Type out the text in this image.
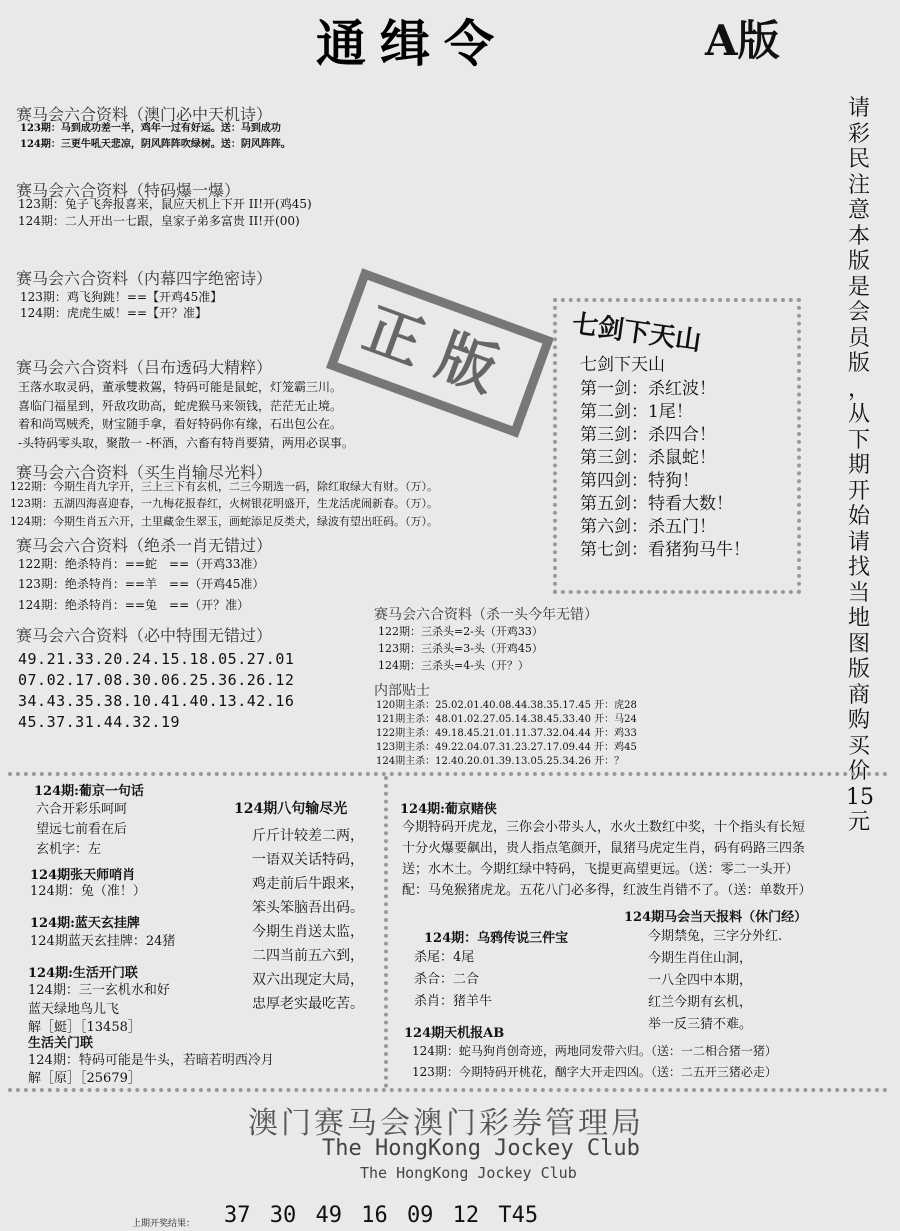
通缉令	A版
请
彩
民
注
意
本
版
是
会
员
版
，
从
下
期
开
始
请
找
当
地
图
版
商
购
买
价
15
元
正版
赛马会六合资料（澳门必中天机诗）
123期：马到成功差一半，鸡年一过有好运。送：马到成功
124期：三更牛吼天悲凉，阴风阵阵吹绿树。送：阴风阵阵。
赛马会六合资料（特码爆一爆）
123期：兔子飞奔报喜来，鼠应天机上下开 II!开(鸡45)
124期：二人开出一七跟，皇家子弟多富贵 II!开(00)
赛马会六合资料（内幕四字绝密诗）
123期：鸡飞狗跳！==【开鸡45准】
124期：虎虎生威！==【开？准】
赛马会六合资料（吕布透码大精粹）
王落水取灵码，董承雙救鴐，特码可能是鼠蛇，灯笼霸三川。
喜临门福星到，歼敌攻助高，蛇虎猴马来领钱，茫茫无止境。
着和尚骂贼秃，财宝随手拿，看好特码你有缘，石出包公在。
-头特码零头取，聚散一 -杯酒，六畜有特肖要猜，两用必误事。
赛马会六合资料（买生肖输尽光料）
122期：今期生肖九字开，三上三下有玄机，二三今期选一码，除红取绿大有财。（万）。
123期：五湖四海喜迎春，一九梅花报春红，火树银花明盛开，生龙活虎闹新春。（万）。
124期：今期生肖五六开，土里藏金生翠玉，画蛇添足反类犬，绿波有望出旺码。（万）。
赛马会六合资料（绝杀一肖无错过）
122期：绝杀特肖：==蛇　==（开鸡33准）
123期：绝杀特肖：==羊　==（开鸡45准）
124期：绝杀特肖：==兔　==（开？准）
赛马会六合资料（必中特围无错过）
49.21.33.20.24.15.18.05.27.01
07.02.17.08.30.06.25.36.26.12
34.43.35.38.10.41.40.13.42.16
45.37.31.44.32.19
七剑下天山
七剑下天山
第一剑：杀红波！
第二剑：1尾！
第三剑：杀四合！
第三剑：杀鼠蛇！
第四剑：特狗！
第五剑：特看大数！
第六剑：杀五门！
第七剑：看猪狗马牛！
赛马会六合资料（杀一头今年无错）
122期：三杀头=2-头（开鸡33）
123期：三杀头=3-头（开鸡45）
124期：三杀头=4-头（开？）
内部贴士
120期主杀：25.02.01.40.08.44.38.35.17.45 开：虎28
121期主杀：48.01.02.27.05.14.38.45.33.40 开：马24
122期主杀：49.18.45.21.01.11.37.32.04.44 开：鸡33
123期主杀：49.22.04.07.31.23.27.17.09.44 开：鸡45
124期主杀：12.40.20.01.39.13.05.25.34.26 开：？
124期:葡京一句话
六合开彩乐呵呵
望远七前看在后
玄机字：左
124期张天师哨肖
124期：兔（准！）
124期:蓝天玄挂牌
124期蓝天玄挂牌：24猪
124期:生活开门联
124期：三一玄机水和好
蓝天绿地鸟儿飞
解［蜓］［13458］
生活关门联
124期：特码可能是牛头，若暗若明西冷月
解［原］［25679］
124期八句输尽光
斤斤计较差二两，
一语双关话特码，
鸡走前后牛跟来，
笨头笨脑吾出码。
今期生肖送太监，
二四当前五六到，
双六出现定大局，
忠厚老实最吃苦。
124期:葡京赌侠
今期特码开虎龙，三你会小带头人，水火土数红中奖，十个指头有长短
十分火爆要飙出，贵人指点笔颜开，鼠猪马虎定生肖，码有码路三四条
送；水木土。今期红绿中特码，飞提更高望更远。（送：零二一头开）
配：马兔猴猪虎龙。五花八门必多得，红波生肖错不了。（送：单数开）
124期：乌鸦传说三件宝
杀尾：4尾
杀合：二合
杀肖：猪羊牛
124期马会当天报料（休门经）
今期禁兔，三字分外红.
今期生肖住山洞，
一八全四中本期，
红兰今期有玄机，
举一反三猜不难。
124期天机报AB
124期：蛇马狗肖创奇迹，两地同发带六归。（送：一二相合猪一猪）
123期：今期特码开桃花，酗字大开走四凶。（送：二五开三猪必走）
澳门赛马会澳门彩券管理局
The HongKong Jockey Club
The HongKong Jockey Club
上期开奖结果： 37 30 49 16 09 12 T45
